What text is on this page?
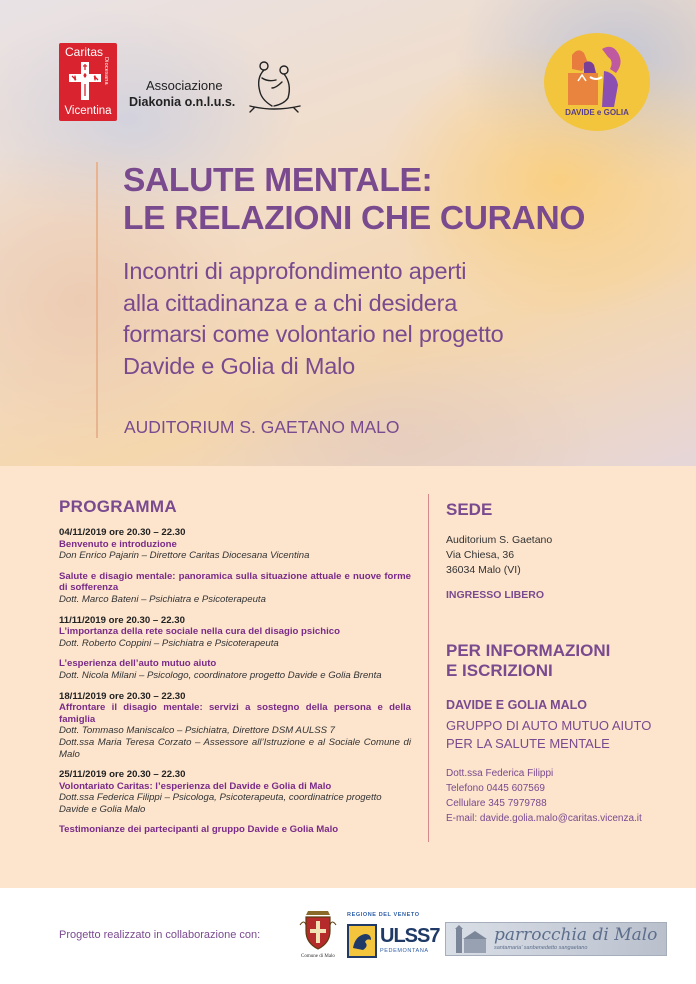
Caritas
Diocesana
Vicentina
Associazione
Diakonia o.n.l.u.s.
DAVIDE e GOLIA
SALUTE MENTALE:
LE RELAZIONI CHE CURANO
Incontri di approfondimento aperti
alla cittadinanza e a chi desidera
formarsi come volontario nel progetto
Davide e Golia di Malo
AUDITORIUM S. GAETANO MALO
PROGRAMMA
04/11/2019 ore 20.30 – 22.30
Benvenuto e introduzione
Don Enrico Pajarin – Direttore Caritas Diocesana Vicentina
Salute e disagio mentale: panoramica sulla situazione attuale e nuove forme di sofferenza
Dott. Marco Bateni – Psichiatra e Psicoterapeuta
11/11/2019 ore 20.30 – 22.30
L’importanza della rete sociale nella cura del disagio psichico
Dott. Roberto Coppini – Psichiatra e Psicoterapeuta
L’esperienza dell’auto mutuo aiuto
Dott. Nicola Milani – Psicologo, coordinatore progetto Davide e Golia Brenta
18/11/2019 ore 20.30 – 22.30
Affrontare il disagio mentale: servizi a sostegno della persona e della famiglia
Dott. Tommaso Maniscalco – Psichiatra, Direttore DSM AULSS 7
Dott.ssa Maria Teresa Corzato – Assessore all’Istruzione e al Sociale Comune di Malo
25/11/2019 ore 20.30 – 22.30
Volontariato Caritas: l’esperienza del Davide e Golia di Malo
Dott.ssa Federica Filippi – Psicologa, Psicoterapeuta, coordinatrice progetto Davide e Golia Malo
Testimonianze dei partecipanti al gruppo Davide e Golia Malo
SEDE
Auditorium S. Gaetano
Via Chiesa, 36
36034 Malo (VI)
INGRESSO LIBERO
PER INFORMAZIONI
E ISCRIZIONI
DAVIDE E GOLIA MALO
GRUPPO DI AUTO MUTUO AIUTO
PER LA SALUTE MENTALE
Dott.ssa Federica Filippi
Telefono 0445 607569
Cellulare 345 7979788
E-mail: davide.golia.malo@caritas.vicenza.it
Progetto realizzato in collaborazione con:
Comune di Malo
REGIONE DEL VENETO
ULSS7
PEDEMONTANA
parrocchia di Malo
santamaria' sanbenedetto sangaetano
